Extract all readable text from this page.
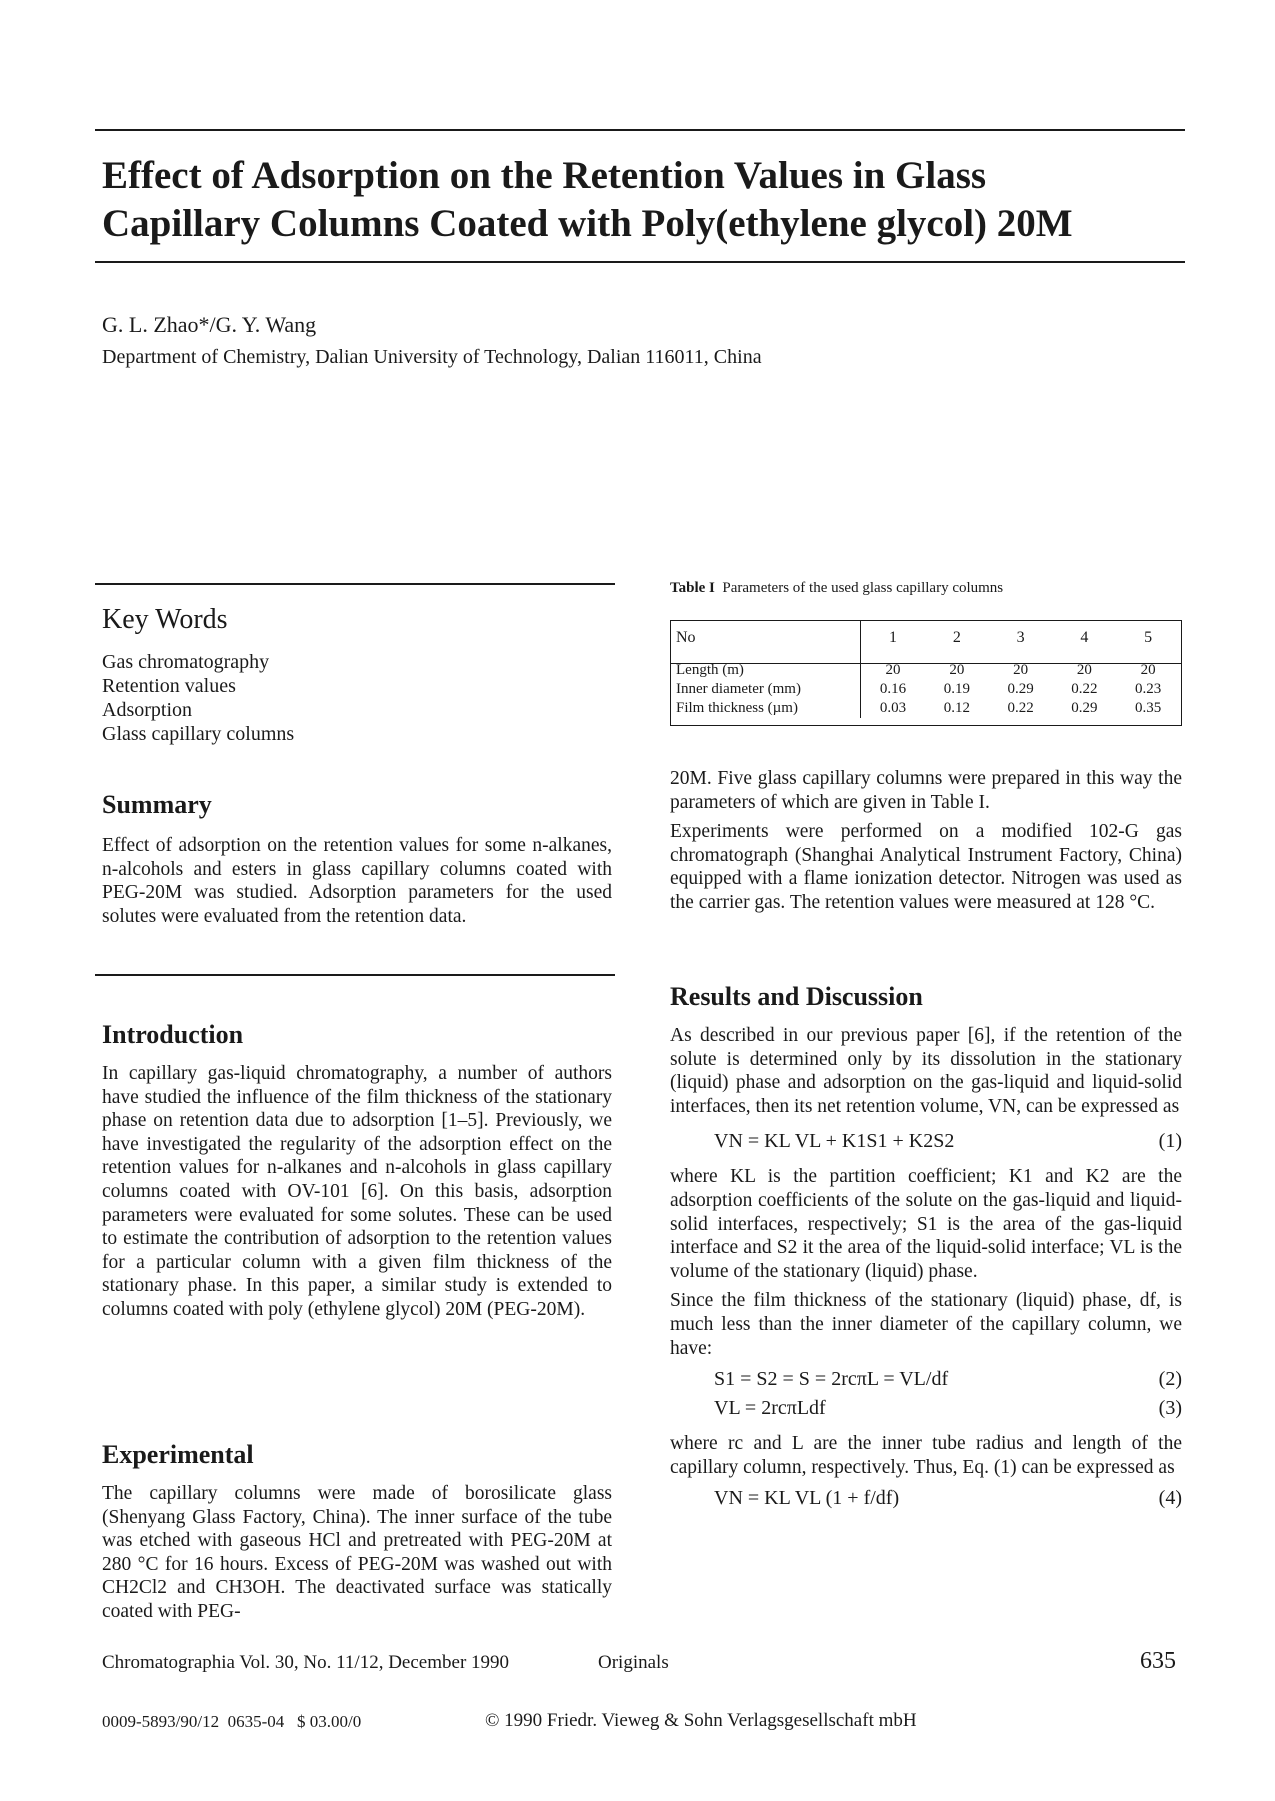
Effect of Adsorption on the Retention Values in Glass
Capillary Columns Coated with Poly(ethylene glycol) 20M
G. L. Zhao*/G. Y. Wang
Department of Chemistry, Dalian University of Technology, Dalian 116011, China
Key Words
Gas chromatography
Retention values
Adsorption
Glass capillary columns
Summary
Effect of adsorption on the retention values for some n-alkanes, n-alcohols and esters in glass capillary columns coated with PEG-20M was studied. Adsorption parameters for the used solutes were evaluated from the retention data.
Introduction
In capillary gas-liquid chromatography, a number of authors have studied the influence of the film thickness of the stationary phase on retention data due to adsorption [1–5]. Previously, we have investigated the regularity of the adsorption effect on the retention values for n-alkanes and n-alcohols in glass capillary columns coated with OV-101 [6]. On this basis, adsorption parameters were evaluated for some solutes. These can be used to estimate the contribution of adsorption to the retention values for a particular column with a given film thickness of the stationary phase. In this paper, a similar study is extended to columns coated with poly (ethylene glycol) 20M (PEG-20M).
Experimental
The capillary columns were made of borosilicate glass (Shenyang Glass Factory, China). The inner surface of the tube was etched with gaseous HCl and pretreated with PEG-20M at 280 °C for 16 hours. Excess of PEG-20M was washed out with CH2Cl2 and CH3OH. The deactivated surface was statically coated with PEG-
Table I Parameters of the used glass capillary columns
No	1	2	3	4	5
Length (m)	20	20	20	20	20
Inner diameter (mm)	0.16	0.19	0.29	0.22	0.23
Film thickness (µm)	0.03	0.12	0.22	0.29	0.35
20M. Five glass capillary columns were prepared in this way the parameters of which are given in Table I.
Experiments were performed on a modified 102-G gas chromatograph (Shanghai Analytical Instrument Factory, China) equipped with a flame ionization detector. Nitrogen was used as the carrier gas. The retention values were measured at 128 °C.
Results and Discussion
As described in our previous paper [6], if the retention of the solute is determined only by its dissolution in the stationary (liquid) phase and adsorption on the gas-liquid and liquid-solid interfaces, then its net retention volume, VN, can be expressed as
VN = KL VL + K1S1 + K2S2	(1)
where KL is the partition coefficient; K1 and K2 are the adsorption coefficients of the solute on the gas-liquid and liquid-solid interfaces, respectively; S1 is the area of the gas-liquid interface and S2 it the area of the liquid-solid interface; VL is the volume of the stationary (liquid) phase.
Since the film thickness of the stationary (liquid) phase, df, is much less than the inner diameter of the capillary column, we have:
S1 = S2 = S = 2rcπL = VL/df	(2)
VL = 2rcπLdf	(3)
where rc and L are the inner tube radius and length of the capillary column, respectively. Thus, Eq. (1) can be expressed as
VN = KL VL (1 + f/df)	(4)
Chromatographia Vol. 30, No. 11/12, December 1990	Originals	635
0009-5893/90/12  0635-04   $ 03.00/0	© 1990 Friedr. Vieweg & Sohn Verlagsgesellschaft mbH
